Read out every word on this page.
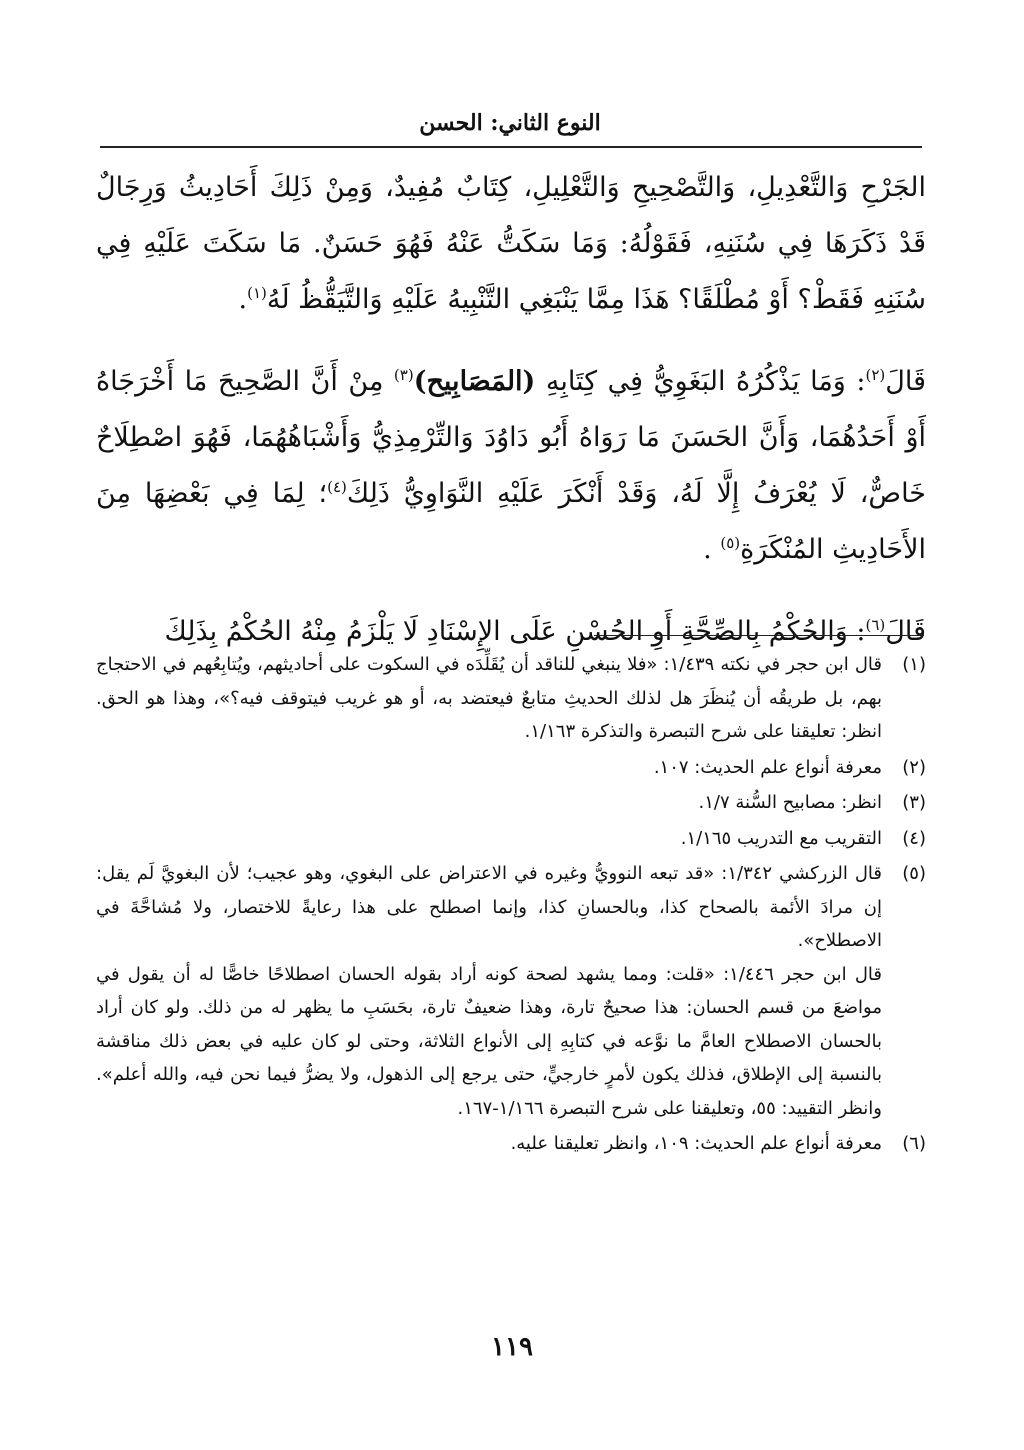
النوع الثاني: الحسن

الجَرْحِ وَالتَّعْدِيلِ، وَالتَّصْحِيحِ وَالتَّعْلِيلِ، كِتَابٌ مُفِيدٌ، وَمِنْ ذَلِكَ أَحَادِيثُ وَرِجَالٌ قَدْ ذَكَرَهَا فِي سُنَنِهِ، فَقَوْلُهُ: وَمَا سَكَتُّ عَنْهُ فَهُوَ حَسَنٌ. مَا سَكَتَ عَلَيْهِ فِي سُنَنِهِ فَقَطْ؟ أَوْ مُطْلَقًا؟ هَذَا مِمَّا يَنْبَغِي التَّنْبِيهُ عَلَيْهِ وَالتَّيَقُّظُ لَهُ$^{(١)}$.

قَالَ$^{(٢)}$: وَمَا يَذْكُرُهُ البَغَوِيُّ فِي كِتَابِهِ (المَصَابِيح)$^{(٣)}$ مِنْ أَنَّ الصَّحِيحَ مَا أَخْرَجَاهُ أَوْ أَحَدُهُمَا، وَأَنَّ الحَسَنَ مَا رَوَاهُ أَبُو دَاوُدَ وَالتِّرْمِذِيُّ وَأَشْبَاهُهُمَا، فَهُوَ اصْطِلَاحٌ خَاصٌّ، لَا يُعْرَفُ إِلَّا لَهُ، وَقَدْ أَنْكَرَ عَلَيْهِ النَّوَاوِيُّ ذَلِكَ$^{(٤)}$؛ لِمَا فِي بَعْضِهَا مِنَ الأَحَادِيثِ المُنْكَرَةِ$^{(٥)}$ .

قَالَ$^{(٦)}$: وَالحُكْمُ بِالصِّحَّةِ أَوِ الحُسْنِ عَلَى الإِسْنَادِ لَا يَلْزَمُ مِنْهُ الحُكْمُ بِذَلِكَ

(١)

قال ابن حجر في نكته ١/٤٣٩: «فلا ينبغي للناقد أن يُقَلِّدَه في السكوت على أحاديثهم، ويُتابِعُهم في الاحتجاج بهم، بل طريقُه أن يُنظَرَ هل لذلك الحديثِ متابعٌ فيعتضد به، أو هو غريب فيتوقف فيه؟»، وهذا هو الحق. انظر: تعليقنا على شرح التبصرة والتذكرة ١/١٦٣.

(٢)

معرفة أنواع علم الحديث: ١٠٧.

(٣)

انظر: مصابيح السُّنة ١/٧.

(٤)

التقريب مع التدريب ١/١٦٥.

(٥)

قال الزركشي ١/٣٤٢: «قد تبعه النوويُّ وغيره في الاعتراض على البغوي، وهو عجيب؛ لأن البغويَّ لَم يقل: إن مرادَ الأئمة بالصحاح كذا، وبالحسانِ كذا، وإنما اصطلح على هذا رعايةً للاختصار، ولا مُشاحَّةَ في الاصطلاح».

قال ابن حجر ١/٤٤٦: «قلت: ومما يشهد لصحة كونه أراد بقوله الحسان اصطلاحًا خاصًّا له أن يقول في مواضعَ من قسم الحسان: هذا صحيحٌ تارة، وهذا ضعيفٌ تارة، بحَسَبِ ما يظهر له من ذلك. ولو كان أراد بالحسان الاصطلاح العامَّ ما نوَّعه في كتابِهِ إلى الأنواع الثلاثة، وحتى لو كان عليه في بعض ذلك مناقشة بالنسبة إلى الإطلاق، فذلك يكون لأمرٍ خارجيٍّ، حتى يرجع إلى الذهول، ولا يضرُّ فيما نحن فيه، والله أعلم». وانظر التقييد: ٥٥، وتعليقنا على شرح التبصرة ١/١٦٦-١٦٧.

(٦)

معرفة أنواع علم الحديث: ١٠٩، وانظر تعليقنا عليه.

١١٩
